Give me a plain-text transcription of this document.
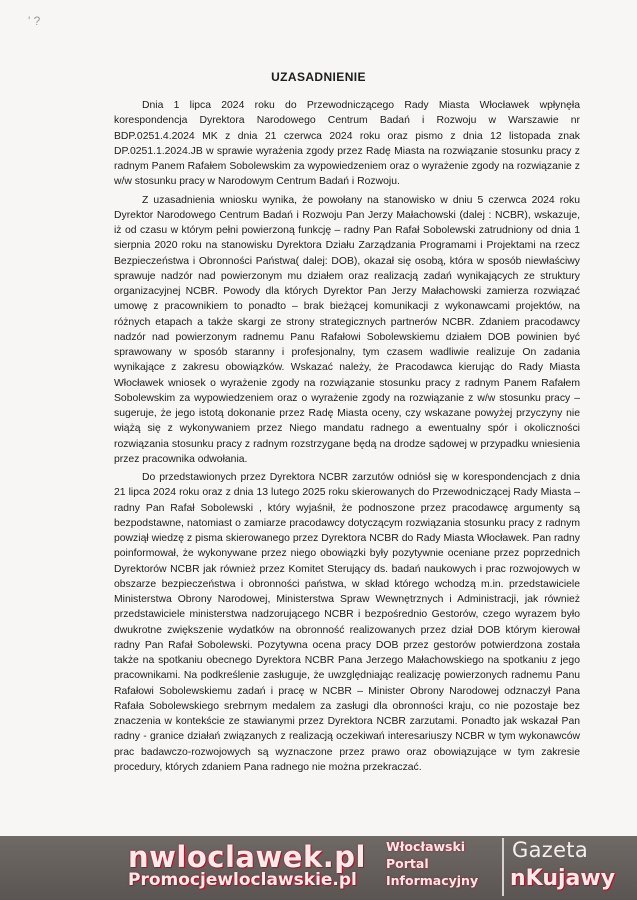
' ?
UZASADNIENIE

Dnia 1 lipca 2024 roku do Przewodniczącego Rady Miasta Włocławek wpłynęła korespondencja Dyrektora Narodowego Centrum Badań i Rozwoju w Warszawie nr BDP.0251.4.2024 MK z dnia 21 czerwca 2024 roku oraz pismo z dnia 12 listopada znak DP.0251.1.2024.JB w sprawie wyrażenia zgody przez Radę Miasta na rozwiązanie stosunku pracy z radnym Panem Rafałem Sobolewskim za wypowiedzeniem oraz o wyrażenie zgody na rozwiązanie z w/w stosunku pracy w Narodowym Centrum Badań i Rozwoju.

Z uzasadnienia wniosku wynika, że powołany na stanowisko w dniu 5 czerwca 2024 roku Dyrektor Narodowego Centrum Badań i Rozwoju Pan Jerzy Małachowski (dalej : NCBR), wskazuje, iż od czasu w którym pełni powierzoną funkcję – radny Pan Rafał Sobolewski zatrudniony od dnia 1 sierpnia 2020 roku na stanowisku Dyrektora Działu Zarządzania Programami i Projektami na rzecz Bezpieczeństwa i Obronności Państwa( dalej: DOB), okazał się osobą, która w sposób niewłaściwy sprawuje nadzór nad powierzonym mu działem oraz realizacją zadań wynikających ze struktury organizacyjnej NCBR. Powody dla których Dyrektor Pan Jerzy Małachowski zamierza rozwiązać umowę z pracownikiem to ponadto – brak bieżącej komunikacji z wykonawcami projektów, na różnych etapach a także skargi ze strony strategicznych partnerów NCBR. Zdaniem pracodawcy nadzór nad powierzonym radnemu Panu Rafałowi Sobolewskiemu działem DOB powinien być sprawowany w sposób staranny i profesjonalny, tym czasem wadliwie realizuje On zadania wynikające z zakresu obowiązków. Wskazać należy, że Pracodawca kierując do Rady Miasta Włocławek wniosek o wyrażenie zgody na rozwiązanie stosunku pracy z radnym Panem Rafałem Sobolewskim za wypowiedzeniem oraz o wyrażenie zgody na rozwiązanie z w/w stosunku pracy – sugeruje, że jego istotą dokonanie przez Radę Miasta oceny, czy wskazane powyżej przyczyny nie wiążą się z wykonywaniem przez Niego mandatu radnego a ewentualny spór i okoliczności rozwiązania stosunku pracy z radnym rozstrzygane będą na drodze sądowej w przypadku wniesienia przez pracownika odwołania.

Do przedstawionych przez Dyrektora NCBR zarzutów odniósł się w korespondencjach z dnia 21 lipca 2024 roku oraz z dnia 13 lutego 2025 roku skierowanych do Przewodniczącej Rady Miasta – radny Pan Rafał Sobolewski , który wyjaśnił, że podnoszone przez pracodawcę argumenty są bezpodstawne, natomiast o zamiarze pracodawcy dotyczącym rozwiązania stosunku pracy z radnym powziął wiedzę z pisma skierowanego przez Dyrektora NCBR do Rady Miasta Włocławek. Pan radny poinformował, że wykonywane przez niego obowiązki były pozytywnie oceniane przez poprzednich Dyrektorów NCBR jak również przez Komitet Sterujący ds. badań naukowych i prac rozwojowych w obszarze bezpieczeństwa i obronności państwa, w skład którego wchodzą m.in. przedstawiciele Ministerstwa Obrony Narodowej, Ministerstwa Spraw Wewnętrznych i Administracji, jak również przedstawiciele ministerstwa nadzorującego NCBR i bezpośrednio Gestorów, czego wyrazem było dwukrotne zwiększenie wydatków na obronność realizowanych przez dział DOB którym kierował radny Pan Rafał Sobolewski. Pozytywna ocena pracy DOB przez gestorów potwierdzona została także na spotkaniu obecnego Dyrektora NCBR Pana Jerzego Małachowskiego na spotkaniu z jego pracownikami. Na podkreślenie zasługuje, że uwzględniając realizację powierzonych radnemu Panu Rafałowi Sobolewskiemu zadań i pracę w NCBR – Minister Obrony Narodowej odznaczył Pana Rafała Sobolewskiego srebrnym medalem za zasługi dla obronności kraju, co nie pozostaje bez znaczenia w kontekście ze stawianymi przez Dyrektora NCBR zarzutami. Ponadto jak wskazał Pan radny - granice działań związanych z realizacją oczekiwań interesariuszy NCBR w tym wykonawców prac badawczo-rozwojowych są wyznaczone przez prawo oraz obowiązujące w tym zakresie procedury, których zdaniem Pana radnego nie można przekraczać.

nwloclawek.pl
Promocjewloclawskie.pl
Włocławski
Portal
Informacyjny
Gazeta
nKujawy
